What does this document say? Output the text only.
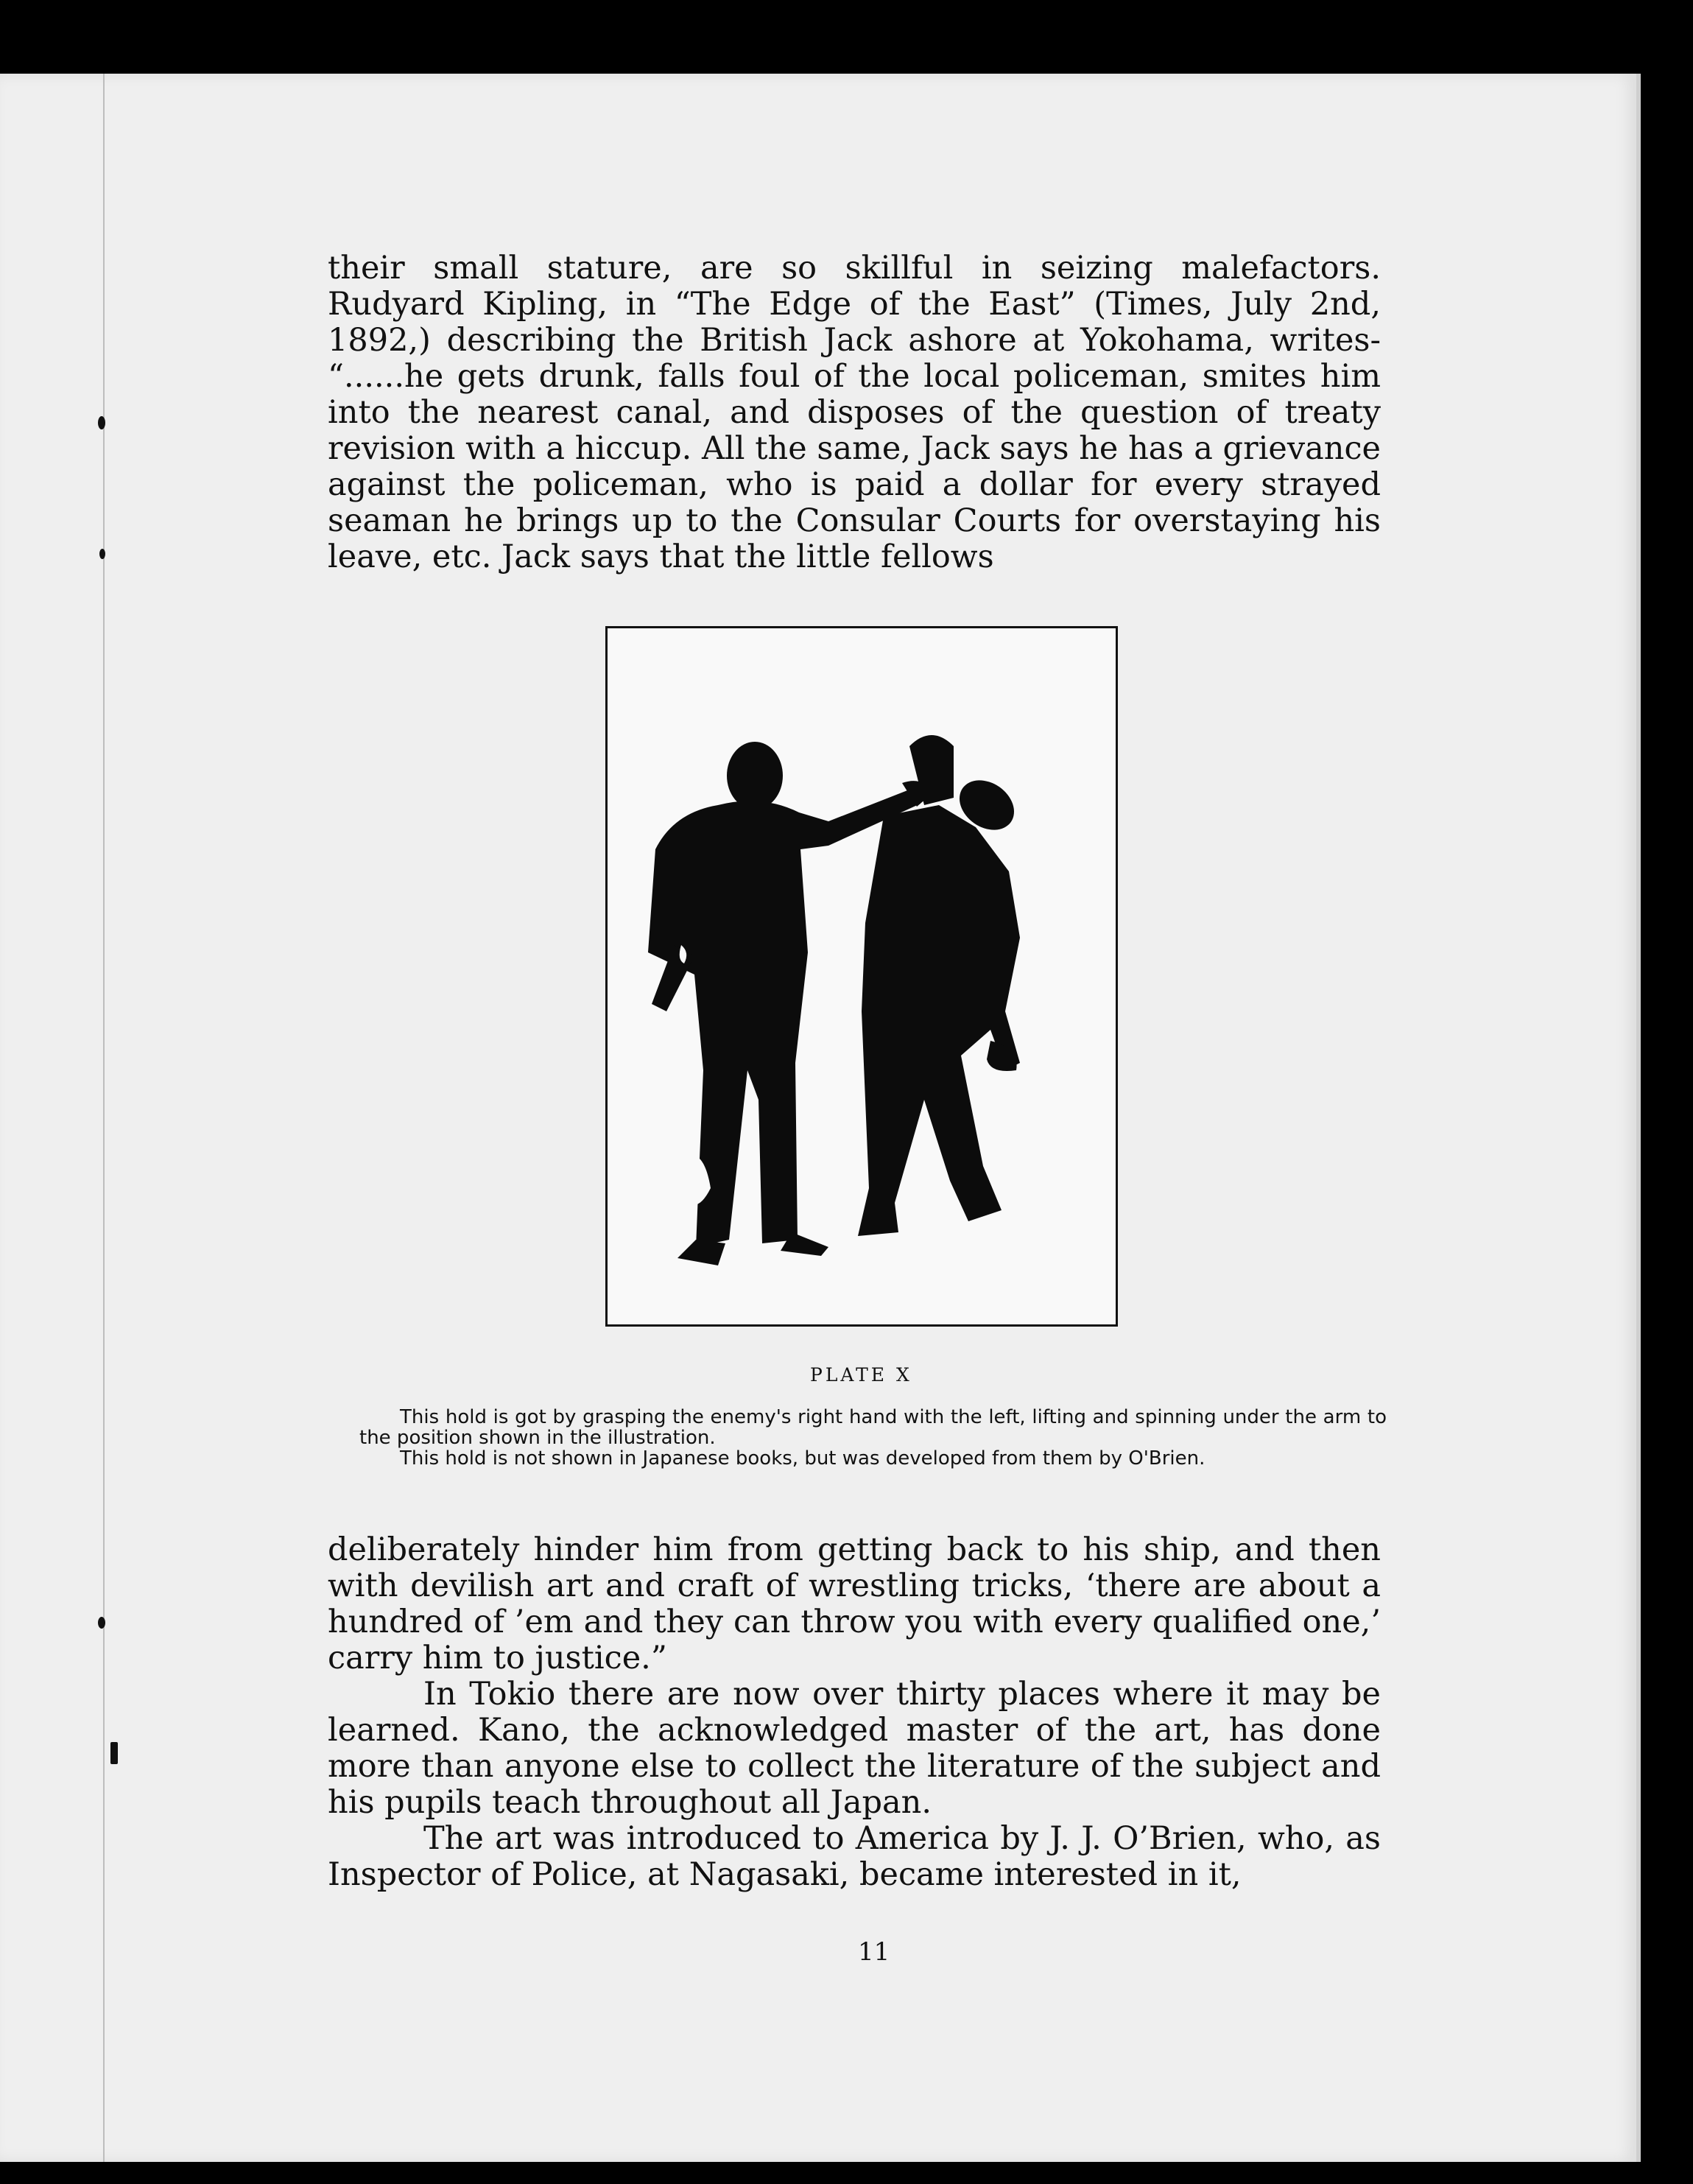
their small stature, are so skillful in seizing malefactors. Rudyard Kipling, in “The Edge of the East” (Times, July 2nd, 1892,) describing the British Jack ashore at Yokohama, writes- “......he gets drunk, falls foul of the local policeman, smites him into the nearest canal, and disposes of the question of treaty revision with a hiccup. All the same, Jack says he has a grievance against the policeman, who is paid a dollar for every strayed seaman he brings up to the Consular Courts for overstaying his leave, etc. Jack says that the little fellows

PLATE X

This hold is got by grasping the enemy's right hand with the left, lifting and spinning under the arm to the position shown in the illustration.

This hold is not shown in Japanese books, but was developed from them by O'Brien.

deliberately hinder him from getting back to his ship, and then with devilish art and craft of wrestling tricks, ‘there are about a hundred of ’em and they can throw you with every qualified one,’ carry him to justice.”

In Tokio there are now over thirty places where it may be learned. Kano, the acknowledged master of the art, has done more than anyone else to collect the literature of the subject and his pupils teach throughout all Japan.

The art was introduced to America by J. J. O’Brien, who, as Inspector of Police, at Nagasaki, became interested in it,

11
